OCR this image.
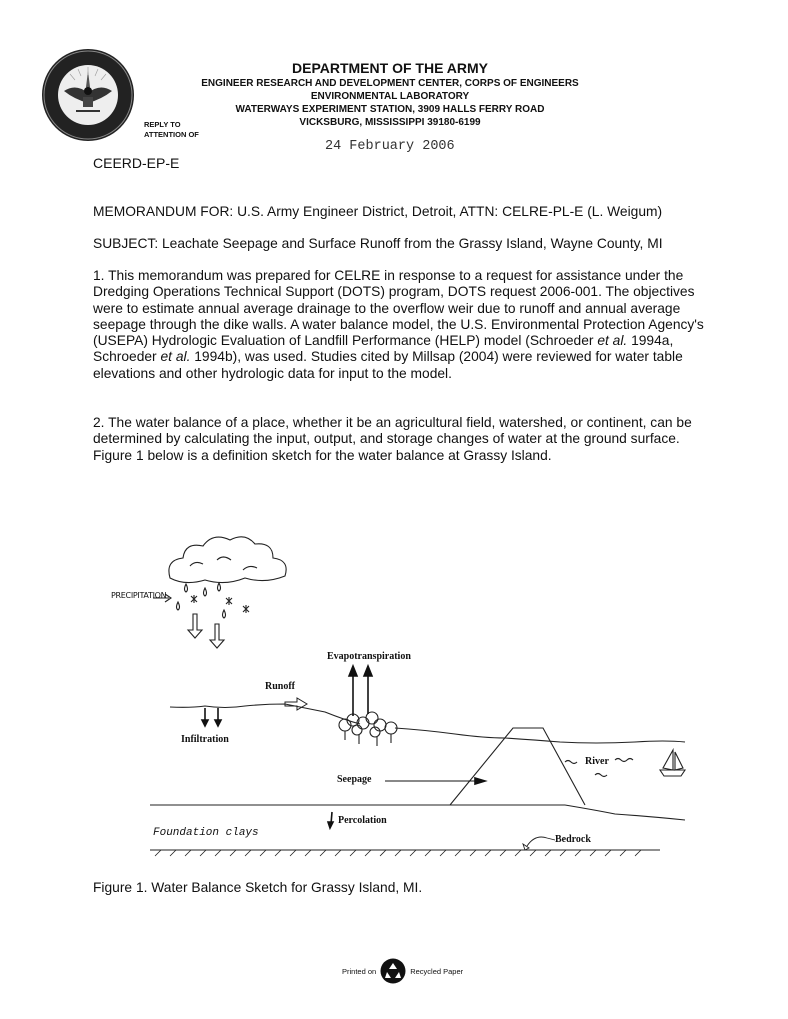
DEPARTMENT OF THE ARMY

ENGINEER RESEARCH AND DEVELOPMENT CENTER, CORPS OF ENGINEERS

ENVIRONMENTAL LABORATORY

WATERWAYS EXPERIMENT STATION, 3909 HALLS FERRY ROAD

VICKSBURG, MISSISSIPPI 39180-6199

REPLY TO
ATTENTION OF
24 February 2006
CEERD-EP-E

MEMORANDUM FOR: U.S. Army Engineer District, Detroit, ATTN: CELRE-PL-E (L. Weigum)

SUBJECT: Leachate Seepage and Surface Runoff from the Grassy Island, Wayne County, MI

1. This memorandum was prepared for CELRE in response to a request for assistance under the Dredging Operations Technical Support (DOTS) program, DOTS request 2006-001. The objectives were to estimate annual average drainage to the overflow weir due to runoff and annual average seepage through the dike walls. A water balance model, the U.S. Environmental Protection Agency's (USEPA) Hydrologic Evaluation of Landfill Performance (HELP) model (Schroeder et al. 1994a, Schroeder et al. 1994b), was used. Studies cited by Millsap (2004) were reviewed for water table elevations and other hydrologic data for input to the model.

2. The water balance of a place, whether it be an agricultural field, watershed, or continent, can be determined by calculating the input, output, and storage changes of water at the ground surface. Figure 1 below is a definition sketch for the water balance at Grassy Island.

PRECIPITATION
Evapotranspiration
Runoff
Infiltration
River
Seepage
Percolation
Foundation clays
Bedrock
Figure 1. Water Balance Sketch for Grassy Island, MI.
Printed on	Recycled Paper
